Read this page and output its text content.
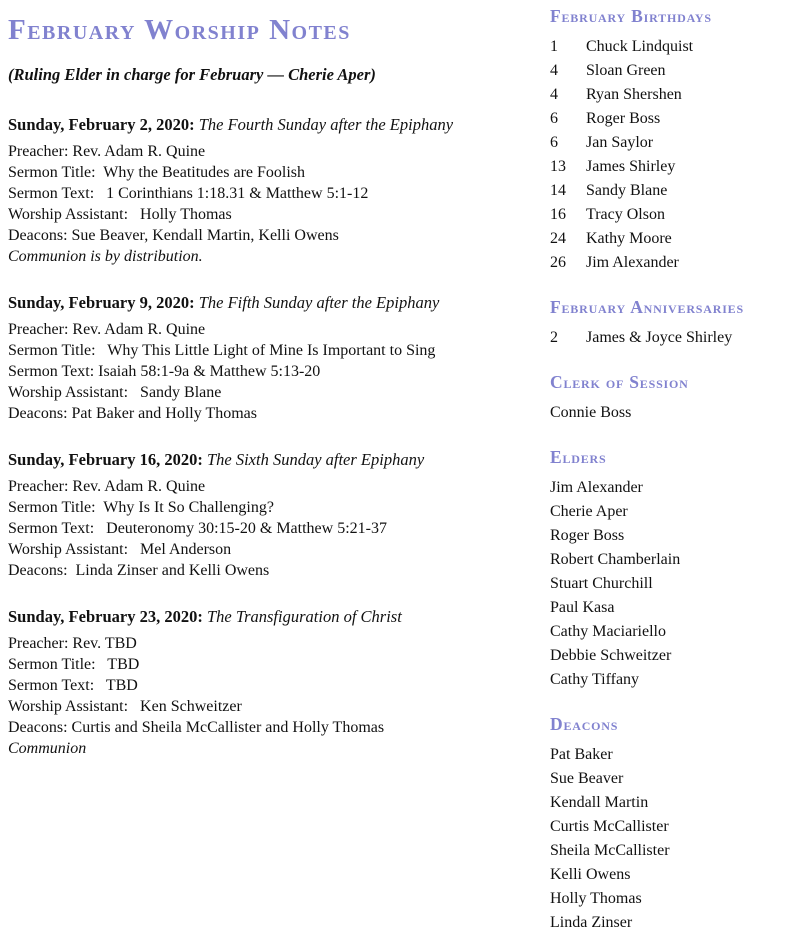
February Worship Notes

(Ruling Elder in charge for February — Cherie Aper)

Sunday, February 2, 2020: The Fourth Sunday after the Epiphany

Preacher: Rev. Adam R. Quine

Sermon Title:  Why the Beatitudes are Foolish

Sermon Text:   1 Corinthians 1:18.31 & Matthew 5:1-12

Worship Assistant:   Holly Thomas

Deacons: Sue Beaver, Kendall Martin, Kelli Owens

Communion is by distribution.

Sunday, February 9, 2020: The Fifth Sunday after the Epiphany

Preacher: Rev. Adam R. Quine

Sermon Title:   Why This Little Light of Mine Is Important to Sing

Sermon Text: Isaiah 58:1-9a & Matthew 5:13-20

Worship Assistant:   Sandy Blane

Deacons: Pat Baker and Holly Thomas

Sunday, February 16, 2020: The Sixth Sunday after Epiphany

Preacher: Rev. Adam R. Quine

Sermon Title:  Why Is It So Challenging?

Sermon Text:   Deuteronomy 30:15-20 & Matthew 5:21-37

Worship Assistant:   Mel Anderson

Deacons:  Linda Zinser and Kelli Owens

Sunday, February 23, 2020: The Transfiguration of Christ

Preacher: Rev. TBD

Sermon Title:   TBD

Sermon Text:   TBD

Worship Assistant:   Ken Schweitzer

Deacons: Curtis and Sheila McCallister and Holly Thomas

Communion

February Birthdays
1	Chuck Lindquist
4	Sloan Green
4	Ryan Shershen
6	Roger Boss
6	Jan Saylor
13	James Shirley
14	Sandy Blane
16	Tracy Olson
24	Kathy Moore
26	Jim Alexander
February Anniversaries
2	James & Joyce Shirley
Clerk of Session
Connie Boss
Elders
Jim Alexander
Cherie Aper
Roger Boss
Robert Chamberlain
Stuart Churchill
Paul Kasa
Cathy Maciariello
Debbie Schweitzer
Cathy Tiffany
Deacons
Pat Baker
Sue Beaver
Kendall Martin
Curtis McCallister
Sheila McCallister
Kelli Owens
Holly Thomas
Linda Zinser
